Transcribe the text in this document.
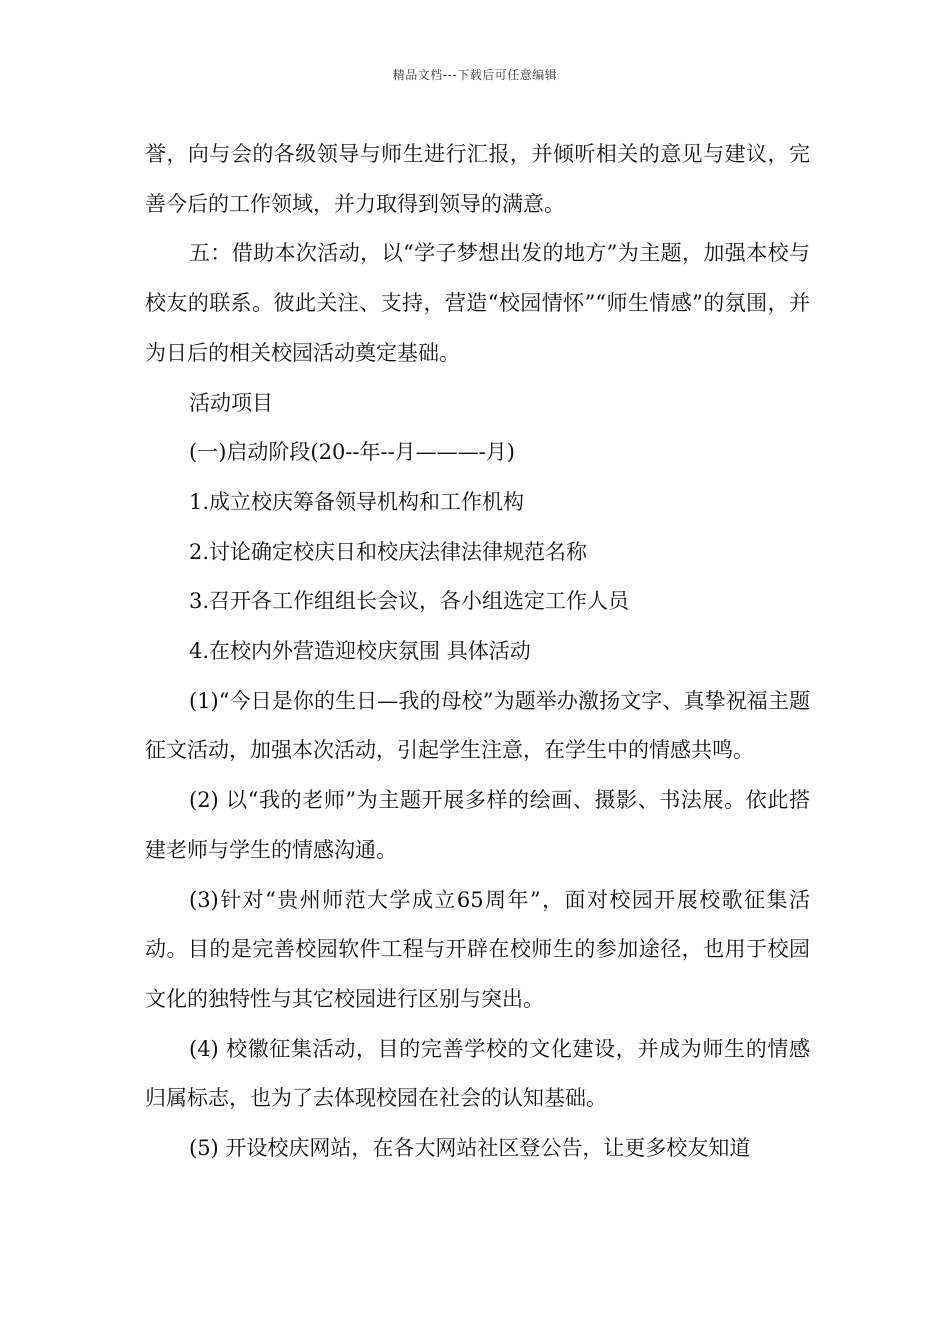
精品文档---下载后可任意编辑

誉，向与会的各级领导与师生进行汇报，并倾听相关的意见与建议，完善今后的工作领域，并力取得到领导的满意。

五：借助本次活动，以“学子梦想出发的地方”为主题，加强本校与校友的联系。彼此关注、支持，营造“校园情怀”“师生情感”的氛围，并为日后的相关校园活动奠定基础。

活动项目

(一)启动阶段(20--年--月———-月)

1.成立校庆筹备领导机构和工作机构

2.讨论确定校庆日和校庆法律法律规范名称

3.召开各工作组组长会议，各小组选定工作人员

4.在校内外营造迎校庆氛围 具体活动

(1)“今日是你的生日—我的母校”为题举办激扬文字、真挚祝福主题征文活动，加强本次活动，引起学生注意，在学生中的情感共鸣。

(2) 以“我的老师”为主题开展多样的绘画、摄影、书法展。依此搭建老师与学生的情感沟通。

(3)针对“贵州师范大学成立65周年”，面对校园开展校歌征集活动。目的是完善校园软件工程与开辟在校师生的参加途径，也用于校园文化的独特性与其它校园进行区别与突出。

(4) 校徽征集活动，目的完善学校的文化建设，并成为师生的情感归属标志，也为了去体现校园在社会的认知基础。

(5) 开设校庆网站，在各大网站社区登公告，让更多校友知道
